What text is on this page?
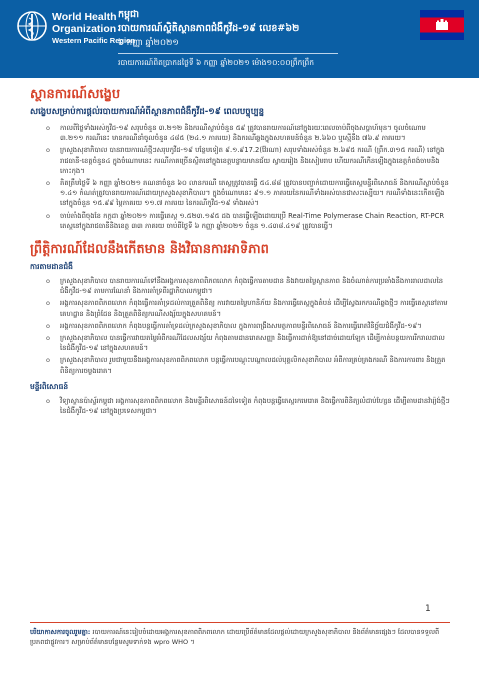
World Health
Organization
Western Pacific Region
កម្ពុជា
របាយការណ៍ស្ថិតិស្ថានភាពជំងឺកូវីដ-១៩ លេខ#៦២
៦ កញ្ញា ឆ្នាំ២០២១
របាយការណ៍ពិតប្រាកដថ្ងៃទី ៦ កញ្ញា ឆ្នាំ២០២១ ម៉ោង១០:០០ព្រឹកព្រឹក
ស្ថានការណ៍សង្ខេប
សង្ខេបសម្រាប់ការផ្តល់របាយការណ៍អំពីស្ថានភាពជំងឺកូវីដ-១៩ ពេលបច្ចុប្បន្ន

o កាលពីថ្ងៃទាំងអស់កូវីដ-១៩ សរុបចំនួន ៣.២១២ និងករណីស្លាប់ចំនួន ៥៩ ត្រូវបានរាយការណ៍នៅក្នុងរយៈពេលចាប់ពីចុងសប្តាហ៍មុន។ ចូលចំណោម ៣.២១១ ករណីនេះ មានករណីនាំចូលចំនួន ៤៨៥ (២៤.១ ភាគរយ) និងករណីឆ្លងក្នុងសហគមន៍ចំនួន ២.៦៦០ ឬស្មើនឹង ៧៦.៩ ភាគរយ។

o ក្រសួងសុខាភិបាល បានរាយការណ៍ថ្មីៗសរុបកូវីដ-១៩ បន្ថែមទៀត ៩.១.៩17.2(វ៉ែរណា) សរុបទាំងអស់ចំនួន ២.៦៩៥ ករណី (ព្រឹក.៣១៥ ករណី) នៅក្នុងរាជធានី-ខេត្តចំនួន៤ ក្នុងចំណោមនេះ ករណីភាគច្រើនស្ថិតនៅក្នុងខេត្តបន្ទាយមានជ័យ ស្វាយរៀង និងសៀមរាប ហើយករណីកើនឡើងក្នុងខេត្តកំពង់ចាមនិងកោះកុង។

o គិតត្រឹមថ្ងៃទី ៦ កញ្ញា ឆ្នាំ២០២១ គណនាចំនួន ៦០ លានករណី តេស្តត្រូវបានធ្វើ ៥៤.៨៨ ត្រូវបានបញ្ជាក់ដោយការធ្វើតេស្តមន្ទីរពិសោធន៍ និងករណីស្លាប់ចំនួន ១.៤១ កំណត់ត្រូវបានរាយការណ៍ដោយក្រសួងសុខាភិបាល។ ក្នុងចំណោមនេះ ៩១.១ ភាគរយនៃករណីទាំងអស់បានជាសះស្បើយ។ ករណីទាំងនេះកើតឡើងនៅក្នុងចំនួន ១៥.៩៩ ម្ភៃភាគរយ ១១.៧ ភាគរយ នៃករណីកូវីដ-១៩ ទាំងអស់។

o ចាប់តាំងពីចុងខែ កក្កដា ឆ្នាំ២០២១ ការធ្វើតេស្ត ១.៥២៣.១៩៥ ដង បានធ្វើឡើងដោយប្រើ Real-Time Polymerase Chain Reaction, RT-PCR តេស្តនៅក្នុងរាជធានីនិងខេត្ត ៣៣ ភាគរយ ចាប់ពីថ្ងៃទី ៦ កញ្ញា ឆ្នាំ២០២១ ចំនួន ១.៤៣៨.៤១៩ ត្រូវបានធ្វើ។

ព្រឹត្តិការណ៍ដែលនឹងកើតមាន និងវិធានការអាទិភាព
ការតាមដានជំងឺ

o ក្រសួងសុខាភិបាល បានរាយការណ៍ទៅនឹងអង្គការសុខភាពពិភពលោក កំពុងធ្វើការតាមដាន និងវាយតម្លៃស្ថានភាព និងចំណាត់ការប្រឆាំងនឹងការរាលដាលនៃជំងឺកូវីដ-១៩ តាមការណែនាំ និងការគាំទ្រពីរដ្ឋាភិបាលកម្ពុជា។

o អង្គការសុខភាពពិភពលោក កំពុងធ្វើការគាំទ្រដល់ការត្រួតពិនិត្យ ការវាយតម្លៃហានិភ័យ និងការធ្វើតេស្តក្នុងតំបន់ ដើម្បីស្វែងរកករណីឆ្លងថ្មីៗ ការធ្វើតេស្តនៅតាមគេហដ្ឋាន និងព្រំដែន និងត្រួតពិនិត្យករណីសង្ស័យក្នុងសហគមន៍។

o អង្គការសុខភាពពិភពលោក កំពុងបន្តធ្វើការគាំទ្រដល់ក្រសួងសុខាភិបាល ក្នុងការពង្រឹងសមត្ថភាពមន្ទីរពិសោធន៍ និងការធ្វើរោគវិនិច្ឆ័យជំងឺកូវីដ-១៩។

o ក្រសួងសុខាភិបាល បានធ្វើការវាយតម្លៃអំពីករណីដែលសង្ស័យ កំពុងតាមដានរោគសញ្ញា និងធ្វើការដាក់ឱ្យនៅដាច់ដោយឡែក ដើម្បីកាត់បន្ថយការរីករាលដាលនៃជំងឺកូវីដ-១៩ នៅក្នុងសហគមន៍។

o ក្រសួងសុខាភិបាល រួមជាមួយនឹងអង្គការសុខភាពពិភពលោក បន្តធ្វើការបណ្តុះបណ្តាលដល់បុគ្គលិកសុខាភិបាល អំពីការគ្រប់គ្រងករណី និងការការពារ និងត្រួតពិនិត្យការចម្លងរោគ។

មន្ទីរពិសោធន៍

o វិទ្យាស្ថានប៉ាស្ទ័រកម្ពុជា អង្គការសុខភាពពិភពលោក និងមន្ទីរពិសោធន៍ដទៃទៀត កំពុងបន្តធ្វើតេស្តរកមេរោគ និងធ្វើការពិនិត្យលំដាប់ហ្សែន ដើម្បីតាមដានវ៉ារ្យ៉ង់ថ្មីៗ នៃជំងឺកូវីដ-១៩ នៅក្នុងប្រទេសកម្ពុជា។

1
បរិយាកាសការចូលរួមគ្នា: របាយការណ៍នេះរៀបចំដោយអង្គការសុខភាពពិភពលោក ដោយប្រើព័ត៌មានដែលផ្តល់ដោយក្រសួងសុខាភិបាល និងព័ត៌មានផ្សេងៗ ដែលបានទទួលពីប្រភពជាផ្លូវការ។ សម្រាប់ព័ត៌មានបន្ថែមសូមទាក់ទង wpro WHO ។
